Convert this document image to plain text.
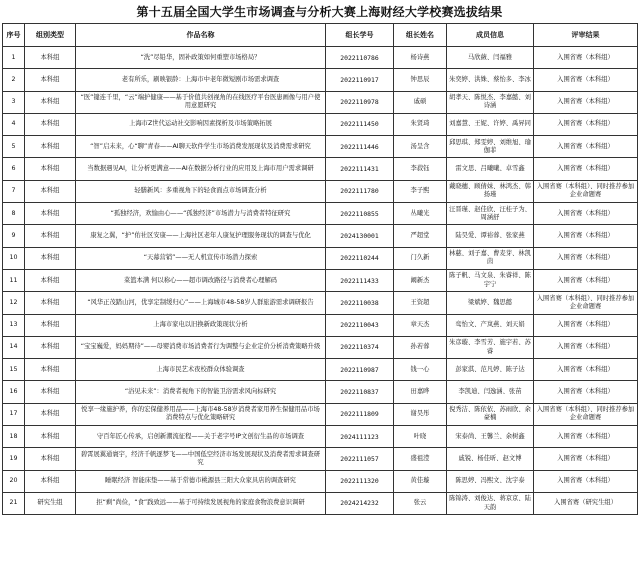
第十五届全国大学生市场调查与分析大赛上海财经大学校赛选拔结果
序号	组别类型	作品名称	组长学号	组长姓名	成员信息	评审结果
1	本科组	“洗”尽铅华，固补政策如何重塑市场格局？	2022110786	杨诗燕	马欣薇、闫福雅	入围省赛（本科组）
2	本科组	老有所乐，刷映银龄：上海市中老年微短剧市场需求调查	2022110917	钟思辰	朱奕婷、洪姝、蔡怡多、李冰	入围省赛（本科组）
3	本科组	“医”键连千里，“云”端护健康——基于价值共创视角的在线医疗平台医患画像与用户使用意愿研究	2022110978	戚硕	胡孝天、陈悦杰、李嘉懿、刘诗涵	入围省赛（本科组）
4	本科组	上海市Z世代运动社交影响因素探析及市场策略拓展	2022111450	朱贤琦	刘嘉慧、王妮、许婷、禹昇同	入围省赛（本科组）
5	本科组	“智”启未来，心“聊”青春——AI聊天软件学生市场消费发展现状及消费需求研究	2022111446	汤呈含	邱思琪、郑雯婷、刘维旭、瑜伽菲	入围省赛（本科组）
6	本科组	当数据遇见AI，让分析更满意——AI在数据分析行业的应用及上海市用户需求调研	2022111431	李菽钰	雷文思、吕曦曦、卓雪鑫	入围省赛（本科组）
7	本科组	轻膳新风：多重视角下的轻食面点市场调查分析	2022111780	李子熙	戴晓穗、顾倩妹、林鸿杰、韩扬瑾	入围省赛（本科组）、同时推荐参加企业命题赛
8	本科组	“孤独经济，欢愉由心——“孤独经济”市场潜力与消费者特征研究	2022110855	丛曦光	汪晋瑾、赵佳欣、汪桂子为、周涵舒	入围省赛（本科组）
9	本科组	康复之翼，“护”佑社区安康——上海社区老年人康复护理服务现状的调查与优化	2024130001	严超堂	陆昊爱、谭裕蓉、张家燕	入围省赛（本科组）
10	本科组	“天幕营销”——无人机宣传市场潜力探索	2022110244	门久新	林慈、刘子嘉、曹麦芽、林凯茵	入围省赛（本科组）
11	本科组	菜篮本满 何以称心——超市调改路径与消费者心理解码	2022111433	阚新杰	陈子帆、马文泉、朱睿祥、陈宇宁	入围省赛（本科组）
12	本科组	“风华正茂踏山河，优享定制缓归心”——上海城市48-58岁人群旅游需求调研报告	2022110038	王资超	梁斌婷、魏思懿	入围省赛（本科组）、同时推荐参加企业命题赛
13	本科组	上海市家电以旧换新政策现状分析	2022110043	章天杰	鸾怡文、产岚燕、刘天娟	入围省赛（本科组）
14	本科组	“宝宝巍爱，妈妈期待”——母婴消费市场消费者行为调整与企业定价分析消费策略升级	2022110374	孙若蓉	朱彦璇、李雪芳、施宇若、苏睿	入围省赛（本科组）
15	本科组	上海市民艺术夜校群众体验调查	2022110987	钱一心	彭家淇、范凡婷、陈子达	入围省赛（本科组）
16	本科组	“浴见未来”：消费者视角下的智能卫浴需求风向标研究	2022110837	田嘉晔	李凯迪、闫逸涵、张苗	入围省赛（本科组）
17	本科组	悦享一缘施护养，你的宏保健养用品——上海市48-58岁消费者家用养生保健用品市场消费特点与优化策略研究	2022111809	谢昊彤	倪秀洁、陈依依、苏雨欣、余豪楠	入围省赛（本科组）、同时推荐参加企业命题赛
18	本科组	守百年匠心传承，启创新潮流征程——关于老字号IP文创衍生品的市场调查	2024111123	叶晓	宋泰尚、王馨兰、余树鑫	入围省赛（本科组）
19	本科组	碧霄展翼通寰宇，经济千帆逐梦飞——中国低空经济市场发展现状及消费者需求调查研究	2022111057	盛祖滢	戚锐、杨佳昕、赵文博	入围省赛（本科组）
20	本科组	睡眠经济 智能床垫——基于常德市桃源县三阳大众家具店的调查研究	2022111320	黄佳璇	陈思婷、冯熙文、沈宇泰	入围省赛（本科组）
21	研究生组	拒“剩”尚俭，“食”践致远——基于可持续发展视角的家庭食物浪费意识调研	2024214232	张云	陈锦涛、刘俊达、蒋京京、陆天韵	入围省赛（研究生组）
